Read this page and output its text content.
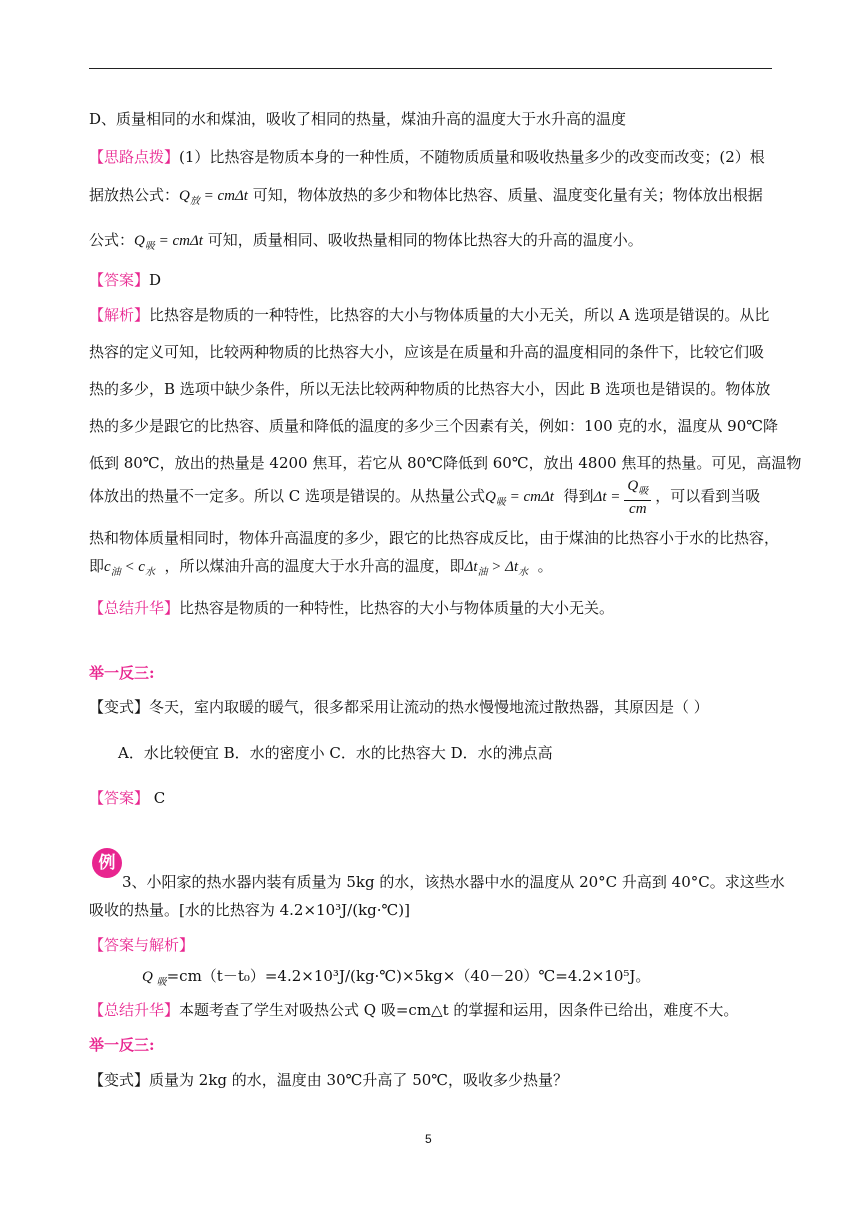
D、质量相同的水和煤油，吸收了相同的热量，煤油升高的温度大于水升高的温度
【思路点拨】(1）比热容是物质本身的一种性质，不随物质质量和吸收热量多少的改变而改变；(2）根
据放热公式：$Q_放 = cm\Delta t$ 可知，物体放热的多少和物体比热容、质量、温度变化量有关；物体放出根据
公式：$Q_吸 = cm\Delta t$ 可知，质量相同、吸收热量相同的物体比热容大的升高的温度小。
【答案】D
【解析】比热容是物质的一种特性，比热容的大小与物体质量的大小无关，所以 A 选项是错误的。从比
热容的定义可知，比较两种物质的比热容大小，应该是在质量和升高的温度相同的条件下，比较它们吸
热的多少，B 选项中缺少条件，所以无法比较两种物质的比热容大小，因此 B 选项也是错误的。物体放
热的多少是跟它的比热容、质量和降低的温度的多少三个因素有关，例如：100 克的水，温度从 90℃降
低到 80℃，放出的热量是 4200 焦耳，若它从 80℃降低到 60℃，放出 4800 焦耳的热量。可见，高温物
体放出的热量不一定多。所以 C 选项是错误的。从热量公式$Q_吸 = cm\Delta t$ 得到$\Delta t = \frac{Q_吸}{cm}$ ，可以看到当吸
热和物体质量相同时，物体升高温度的多少，跟它的比热容成反比，由于煤油的比热容小于水的比热容，
即$c_油 < c_水$ ，所以煤油升高的温度大于水升高的温度，即$\Delta t_油 > \Delta t_水$ 。
【总结升华】比热容是物质的一种特性，比热容的大小与物体质量的大小无关。
举一反三:
【变式】冬天，室内取暖的暖气，很多都采用让流动的热水慢慢地流过散热器，其原因是（ ）
A．水比较便宜 B．水的密度小 C．水的比热容大 D．水的沸点高
【答案】 C
例
3、小阳家的热水器内装有质量为 5kg 的水，该热水器中水的温度从 20°C 升高到 40°C。求这些水
吸收的热量。[水的比热容为 4.2×10³J/(kg·℃)]
【答案与解析】
Q $_吸$=cm（t－t₀）=4.2×10³J/(kg·℃)×5kg×（40－20）℃=4.2×10⁵J。
【总结升华】本题考查了学生对吸热公式 Q 吸=cm△t 的掌握和运用，因条件已给出，难度不大。
举一反三:
【变式】质量为 2kg 的水，温度由 30℃升高了 50℃，吸收多少热量？
5
